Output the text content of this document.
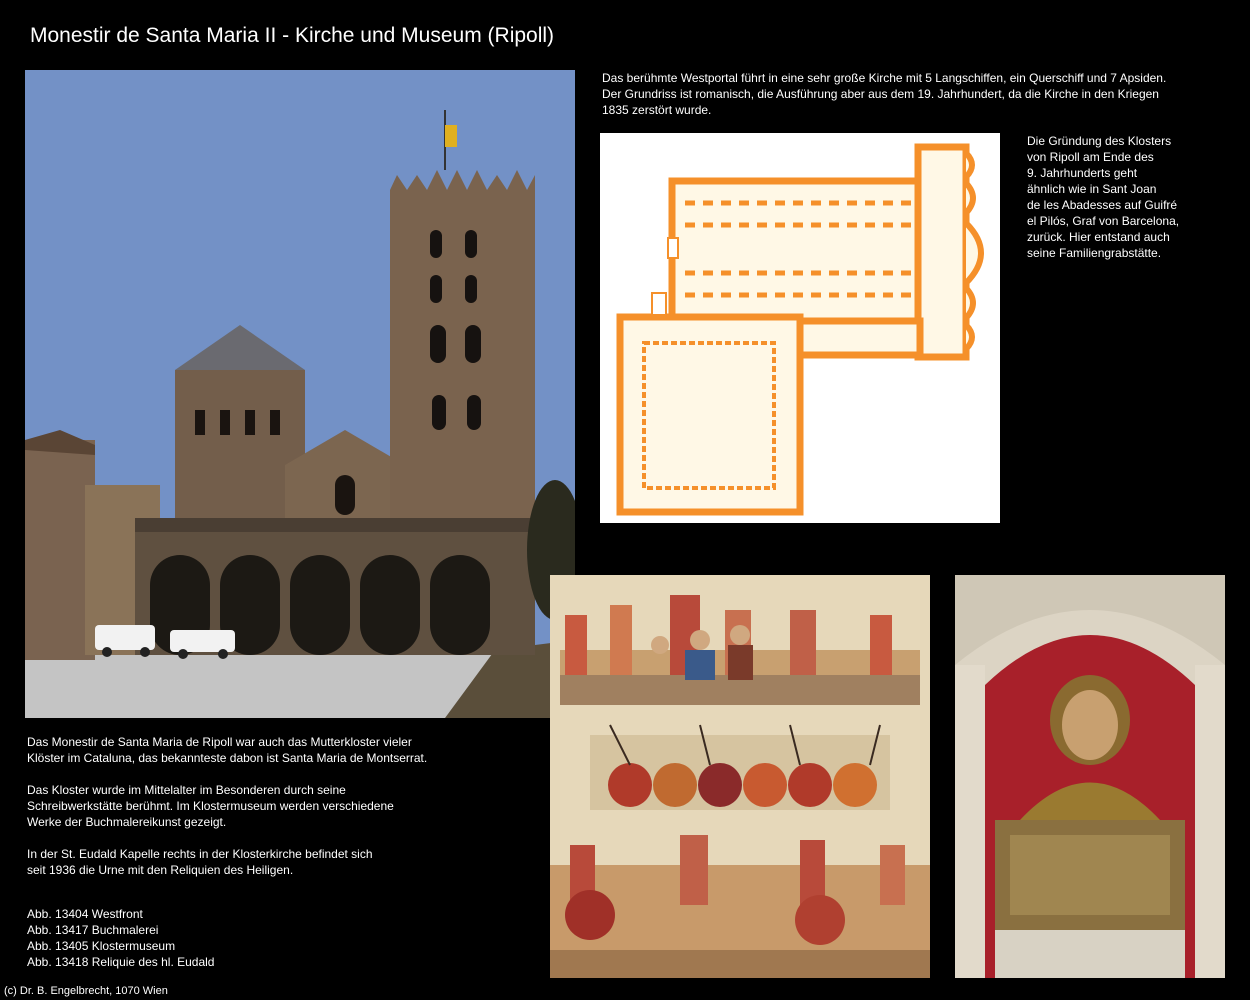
Monestir de Santa Maria II - Kirche und Museum (Ripoll)

Das berühmte Westportal führt in eine sehr große Kirche mit 5 Langschiffen, ein Querschiff und 7 Apsiden.

Der Grundriss ist romanisch, die Ausführung aber aus dem 19. Jahrhundert, da die Kirche in den Kriegen

1835 zerstört wurde.

Die Gründung des Klosters

von Ripoll am Ende des

9. Jahrhunderts geht

ähnlich wie in Sant Joan

de les Abadesses auf Guifré

el Pilós, Graf von Barcelona,

zurück. Hier entstand auch

seine Familiengrabstätte.

Das Monestir de Santa Maria de Ripoll war auch das Mutterkloster vieler
Klöster im Cataluna, das bekannteste dabon ist Santa Maria de Montserrat.

Das Kloster wurde im Mittelalter im Besonderen durch seine
Schreibwerkstätte berühmt. Im Klostermuseum werden verschiedene
Werke der Buchmalereikunst gezeigt.

In der St. Eudald Kapelle rechts in der Klosterkirche befindet sich
seit 1936 die Urne mit den Reliquien des Heiligen.

Abb. 13404 Westfront

Abb. 13417 Buchmalerei

Abb. 13405 Klostermuseum

Abb. 13418 Reliquie des hl. Eudald

(c) Dr. B. Engelbrecht, 1070 Wien
